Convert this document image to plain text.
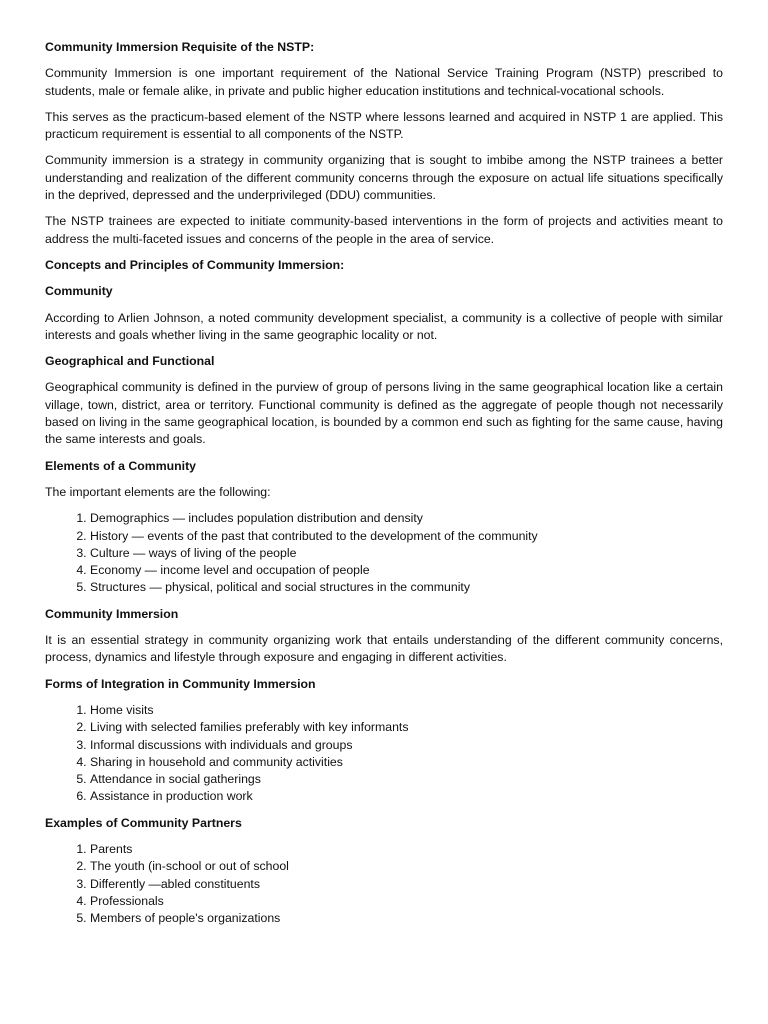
Community Immersion Requisite of the NSTP:

Community Immersion is one important requirement of the National Service Training Program (NSTP) prescribed to students, male or female alike, in private and public higher education institutions and technical-vocational schools.

This serves as the practicum-based element of the NSTP where lessons learned and acquired in NSTP 1 are applied. This practicum requirement is essential to all components of the NSTP.

Community immersion is a strategy in community organizing that is sought to imbibe among the NSTP trainees a better understanding and realization of the different community concerns through the exposure on actual life situations specifically in the deprived, depressed and the underprivileged (DDU) communities.

The NSTP trainees are expected to initiate community-based interventions in the form of projects and activities meant to address the multi-faceted issues and concerns of the people in the area of service.

Concepts and Principles of Community Immersion:
Community

According to Arlien Johnson, a noted community development specialist, a community is a collective of people with similar interests and goals whether living in the same geographic locality or not.

Geographical and Functional

Geographical community is defined in the purview of group of persons living in the same geographical location like a certain village, town, district, area or territory. Functional community is defined as the aggregate of people though not necessarily based on living in the same geographical location, is bounded by a common end such as fighting for the same cause, having the same interests and goals.

Elements of a Community

The important elements are the following:

1. Demographics — includes population distribution and density
2. History — events of the past that contributed to the development of the community
3. Culture — ways of living of the people
4. Economy — income level and occupation of people
5. Structures — physical, political and social structures in the community
Community Immersion

It is an essential strategy in community organizing work that entails understanding of the different community concerns, process, dynamics and lifestyle through exposure and engaging in different activities.

Forms of Integration in Community Immersion
1. Home visits
2. Living with selected families preferably with key informants
3. Informal discussions with individuals and groups
4. Sharing in household and community activities
5. Attendance in social gatherings
6. Assistance in production work
Examples of Community Partners
1. Parents
2. The youth (in-school or out of school
3. Differently —abled constituents
4. Professionals
5. Members of people's organizations
